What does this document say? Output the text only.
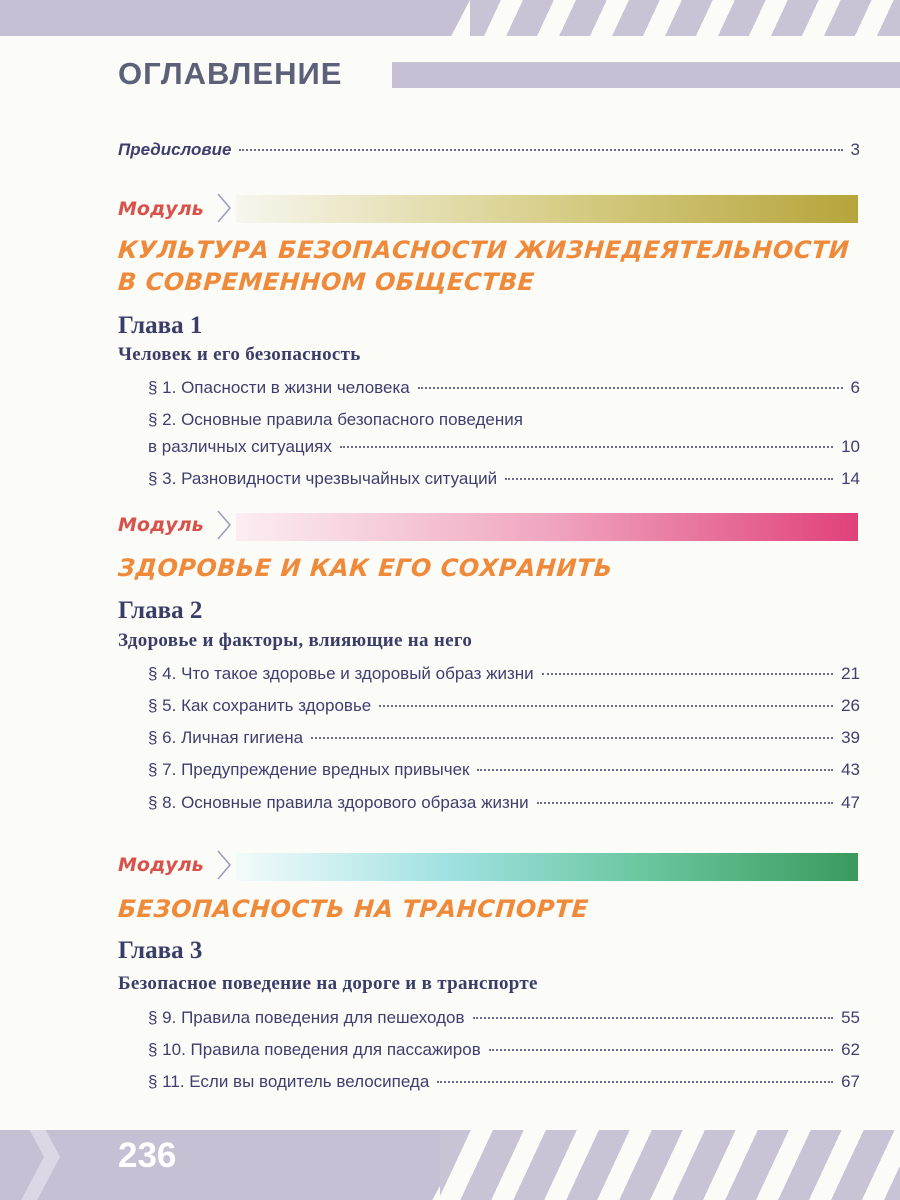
ОГЛАВЛЕНИЕ
Предисловие	3
Модуль
КУЛЬТУРА БЕЗОПАСНОСТИ ЖИЗНЕДЕЯТЕЛЬНОСТИ
В СОВРЕМЕННОМ ОБЩЕСТВЕ
Глава 1
Человек и его безопасность
§ 1. Опасности в жизни человека	6
§ 2. Основные правила безопасного поведения
в различных ситуациях	10
§ 3. Разновидности чрезвычайных ситуаций	14
Модуль
ЗДОРОВЬЕ И КАК ЕГО СОХРАНИТЬ
Глава 2
Здоровье и факторы, влияющие на него
§ 4. Что такое здоровье и здоровый образ жизни	21
§ 5. Как сохранить здоровье	26
§ 6. Личная гигиена	39
§ 7. Предупреждение вредных привычек	43
§ 8. Основные правила здорового образа жизни	47
Модуль
БЕЗОПАСНОСТЬ НА ТРАНСПОРТЕ
Глава 3
Безопасное поведение на дороге и в транспорте
§ 9. Правила поведения для пешеходов	55
§ 10. Правила поведения для пассажиров	62
§ 11. Если вы водитель велосипеда	67
236
